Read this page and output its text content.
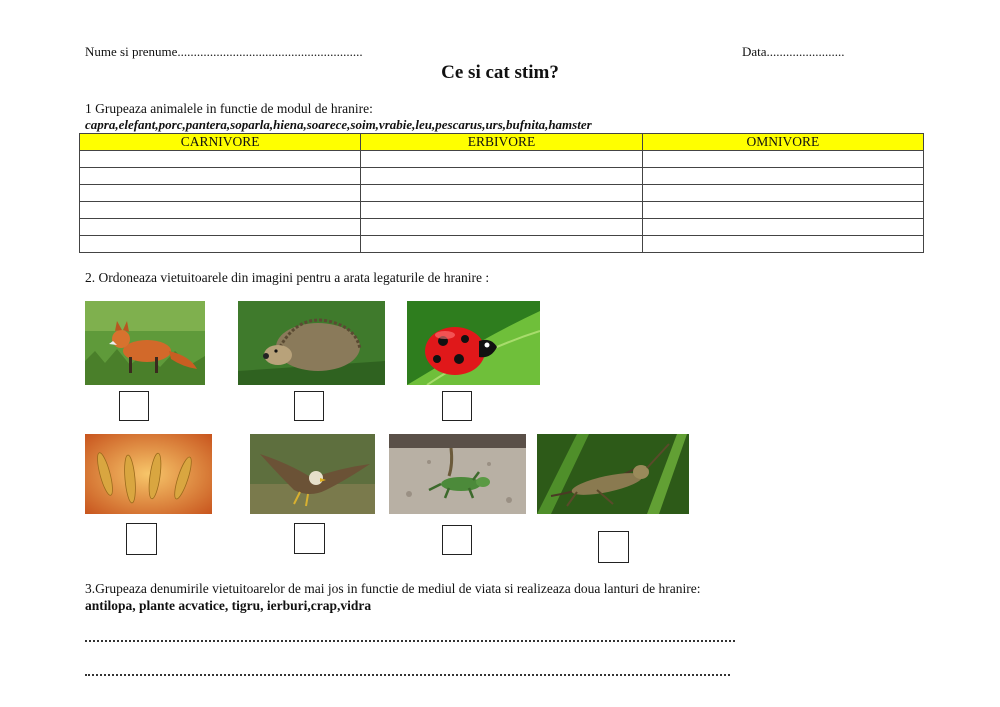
Nume si prenume.........................................................	Data........................
Ce si cat stim?
1 Grupeaza animalele in functie de modul de hranire:
capra,elefant,porc,pantera,soparla,hiena,soarece,soim,vrabie,leu,pescarus,urs,bufnita,hamster
CARNIVORE	ERBIVORE	OMNIVORE

2. Ordoneaza vietuitoarele din imagini pentru a arata legaturile de hranire :
3.Grupeaza denumirile vietuitoarelor de mai jos in functie de mediul de viata si realizeaza doua lanturi de hranire:
antilopa, plante acvatice, tigru, ierburi,crap,vidra
